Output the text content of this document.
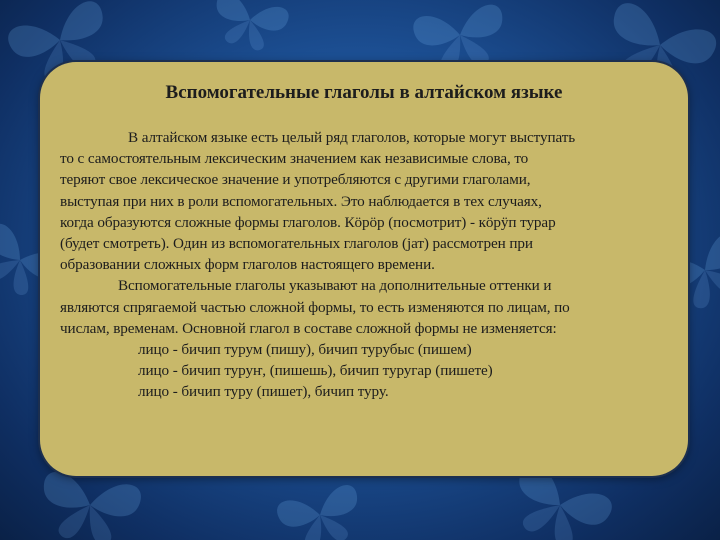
Вспомогательные глаголы в алтайском языке
В алтайском языке есть целый ряд глаголов, которые могут выступать
то с самостоятельным лексическим значением как независимые слова, то
теряют свое лексическое значение и употребляются с другими глаголами,
выступая при них в роли вспомогательных. Это наблюдается в тех случаях,
когда образуются сложные формы глаголов. Кöрöр (посмотрит) - кöрÿп турар
(будет смотреть). Один из вспомогательных глаголов (јат) рассмотрен при
образовании сложных форм глаголов настоящего времени.
Вспомогательные глаголы указывают на дополнительные оттенки и
являются спрягаемой частью сложной формы, то есть изменяются по лицам, по
числам, временам. Основной глагол в составе сложной формы не изменяется:
лицо - бичип турум (пишу), бичип турубыс (пишем)
лицо - бичип туруҥ, (пишешь), бичип туругар (пишете)
лицо - бичип туру (пишет), бичип туру.
